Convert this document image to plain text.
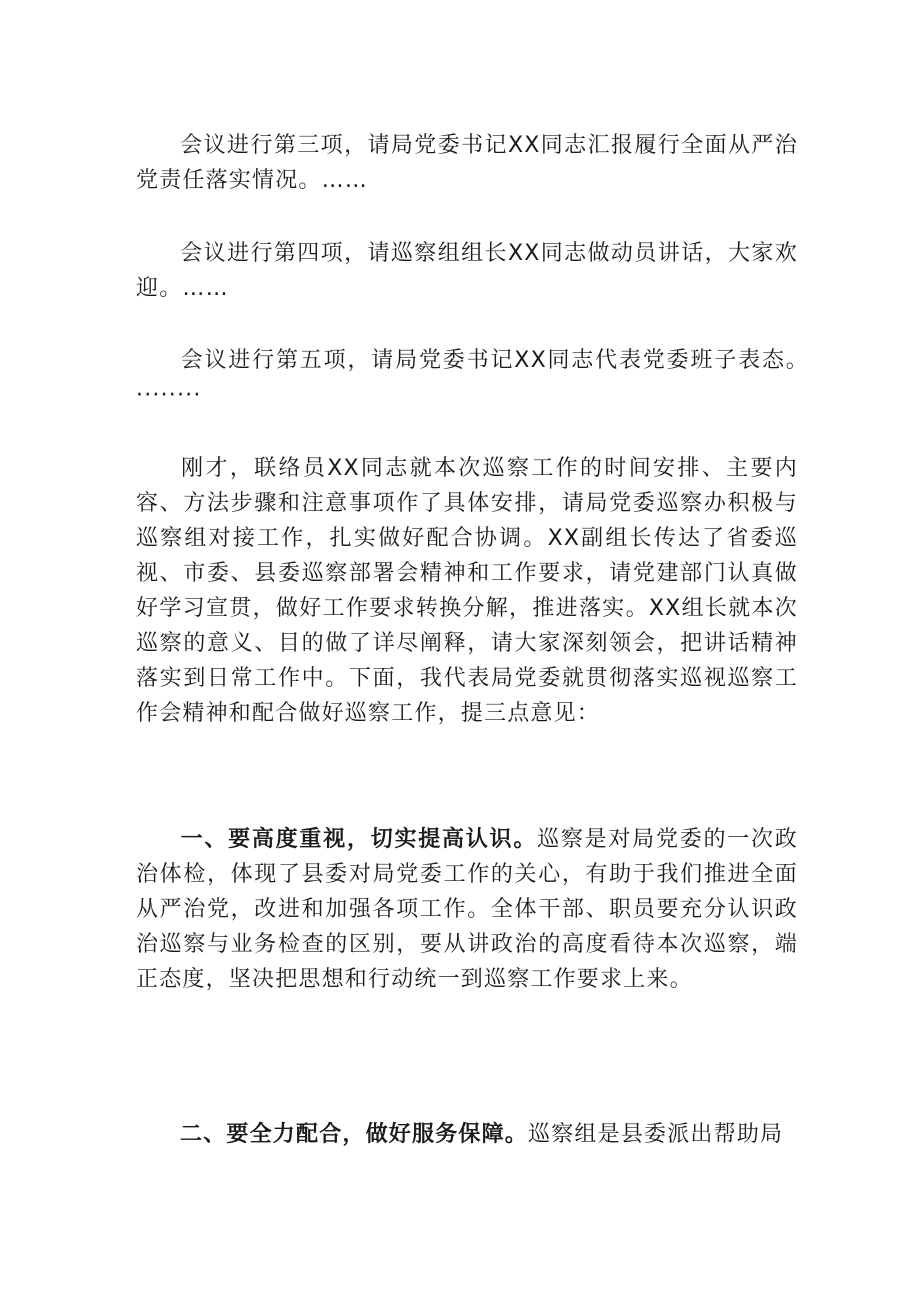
会议进行第三项，请局党委书记XX同志汇报履行全面从严治党责任落实情况。……

会议进行第四项，请巡察组组长XX同志做动员讲话，大家欢迎。……

会议进行第五项，请局党委书记XX同志代表党委班子表态。········

刚才，联络员XX同志就本次巡察工作的时间安排、主要内容、方法步骤和注意事项作了具体安排，请局党委巡察办积极与巡察组对接工作，扎实做好配合协调。XX副组长传达了省委巡视、市委、县委巡察部署会精神和工作要求，请党建部门认真做好学习宣贯，做好工作要求转换分解，推进落实。XX组长就本次巡察的意义、目的做了详尽阐释，请大家深刻领会，把讲话精神落实到日常工作中。下面，我代表局党委就贯彻落实巡视巡察工作会精神和配合做好巡察工作，提三点意见：

一、要高度重视，切实提高认识。巡察是对局党委的一次政治体检，体现了县委对局党委工作的关心，有助于我们推进全面从严治党，改进和加强各项工作。全体干部、职员要充分认识政治巡察与业务检查的区别，要从讲政治的高度看待本次巡察，端正态度，坚决把思想和行动统一到巡察工作要求上来。

二、要全力配合，做好服务保障。巡察组是县委派出帮助局
